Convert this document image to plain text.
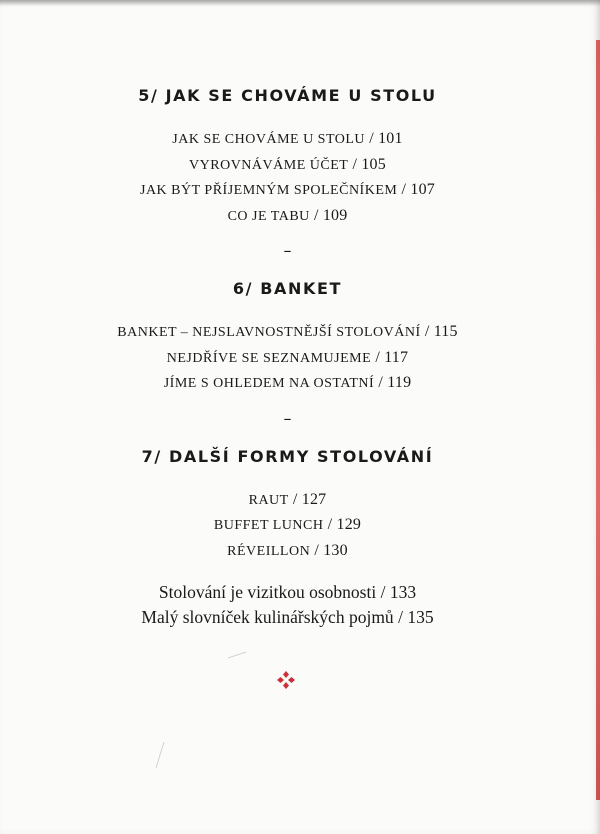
5/ JAK SE CHOVÁME U STOLU
JAK SE CHOVÁME U STOLU / 101
VYROVNÁVÁME ÚČET / 105
JAK BÝT PŘÍJEMNÝM SPOLEČNÍKEM / 107
CO JE TABU / 109
–
6/ BANKET
BANKET – NEJSLAVNOSTNĚJŠÍ STOLOVÁNÍ / 115
NEJDŘÍVE SE SEZNAMUJEME / 117
JÍME S OHLEDEM NA OSTATNÍ / 119
–
7/ DALŠÍ FORMY STOLOVÁNÍ
RAUT / 127
BUFFET LUNCH / 129
RÉVEILLON / 130
Stolování je vizitkou osobnosti / 133
Malý slovníček kulinářských pojmů / 135
